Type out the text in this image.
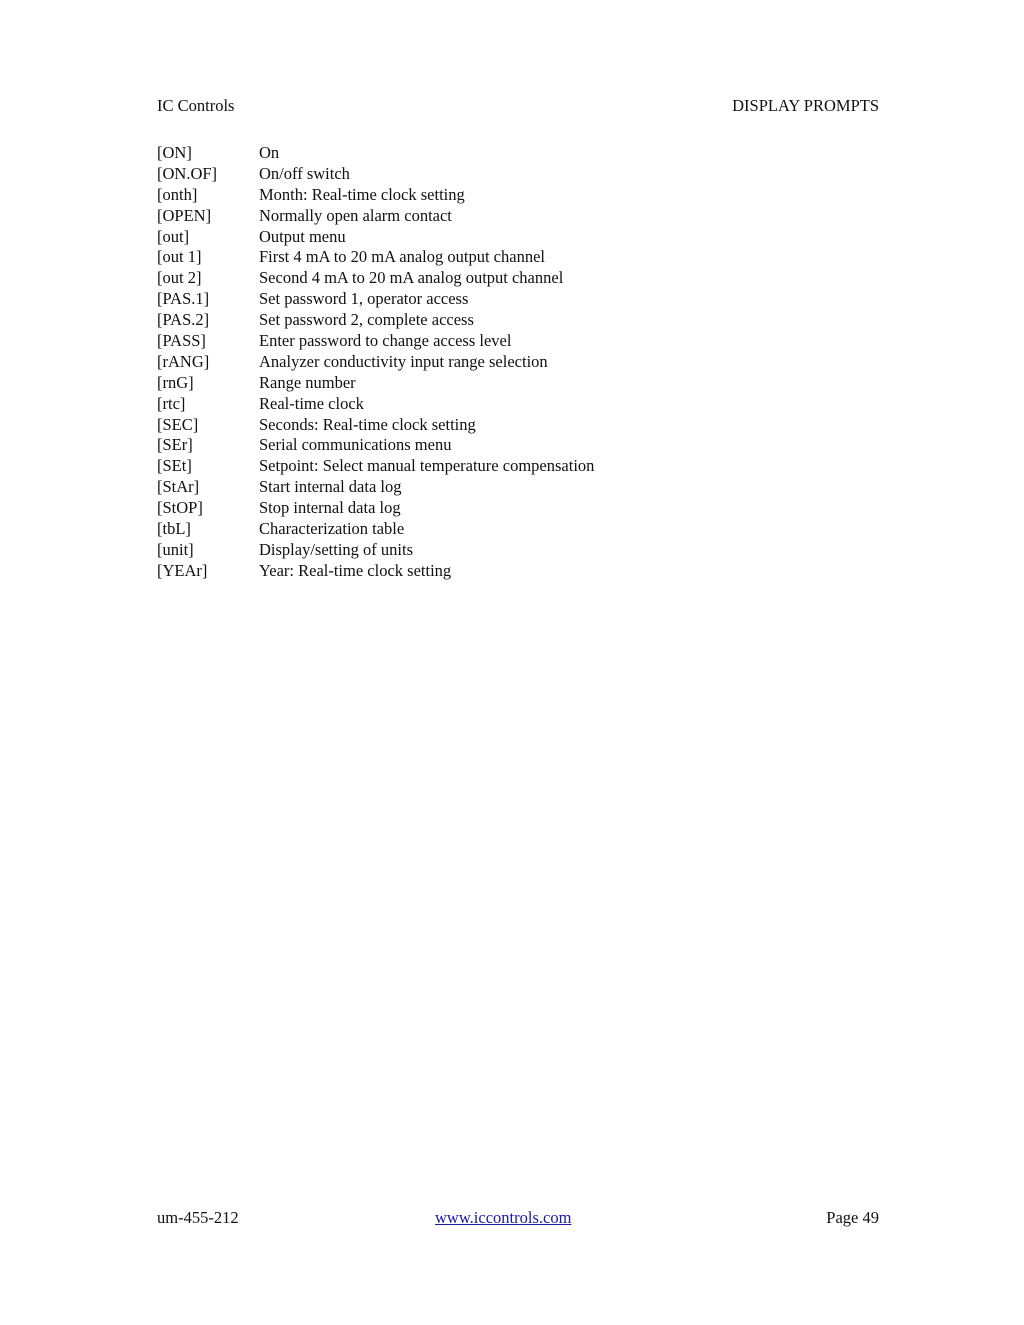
IC Controls	DISPLAY PROMPTS
[ON]	On
[ON.OF]	On/off switch
[onth]	Month: Real-time clock setting
[OPEN]	Normally open alarm contact
[out]	Output menu
[out 1]	First 4 mA to 20 mA analog output channel
[out 2]	Second 4 mA to 20 mA analog output channel
[PAS.1]	Set password 1, operator access
[PAS.2]	Set password 2, complete access
[PASS]	Enter password to change access level
[rANG]	Analyzer conductivity input range selection
[rnG]	Range number
[rtc]	Real-time clock
[SEC]	Seconds: Real-time clock setting
[SEr]	Serial communications menu
[SEt]	Setpoint: Select manual temperature compensation
[StAr]	Start internal data log
[StOP]	Stop internal data log
[tbL]	Characterization table
[unit]	Display/setting of units
[YEAr]	Year: Real-time clock setting
um-455-212	www.iccontrols.com	Page 49
